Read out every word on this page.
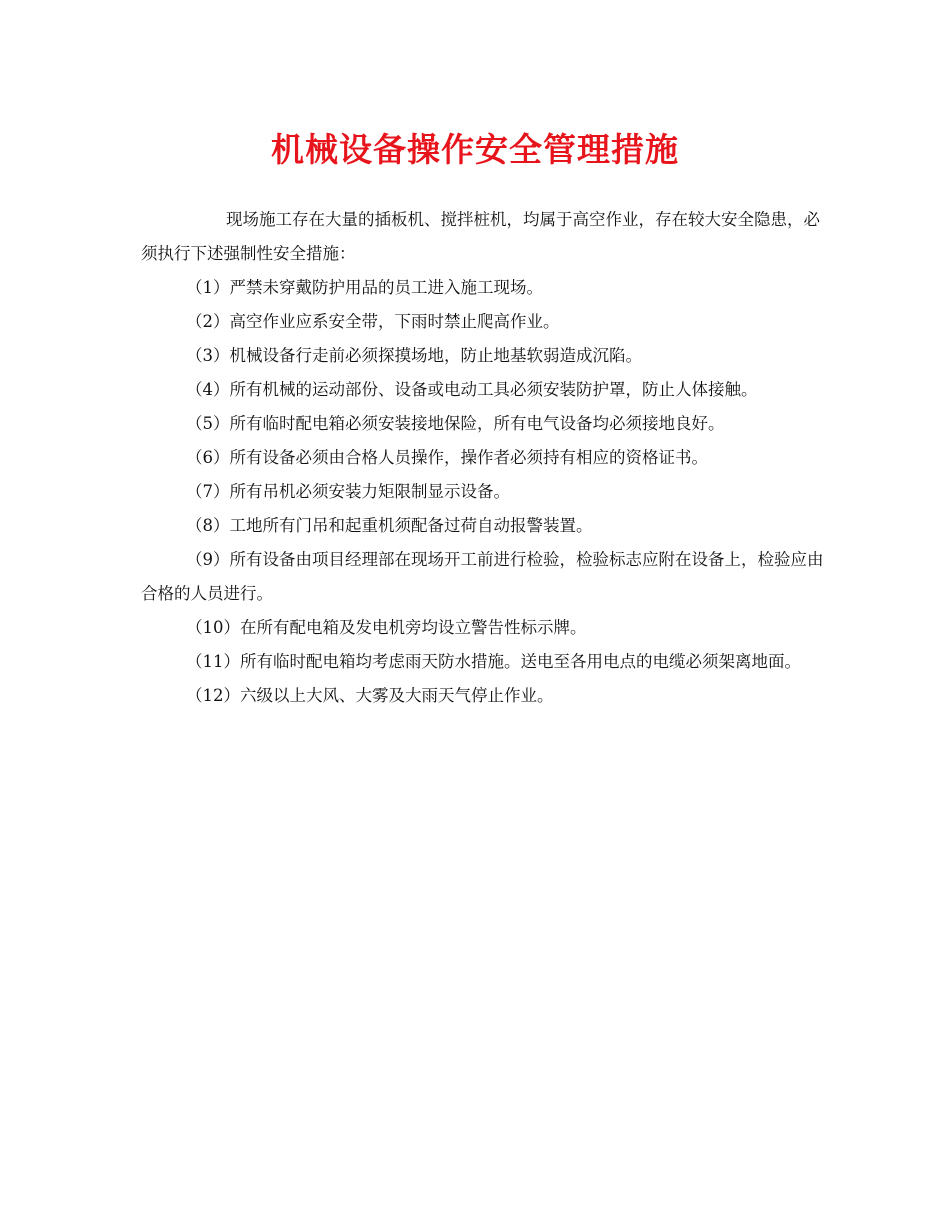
机械设备操作安全管理措施

现场施工存在大量的插板机、搅拌桩机，均属于高空作业，存在较大安全隐患，必须执行下述强制性安全措施：

（1）严禁未穿戴防护用品的员工进入施工现场。

（2）高空作业应系安全带，下雨时禁止爬高作业。

（3）机械设备行走前必须探摸场地，防止地基软弱造成沉陷。

（4）所有机械的运动部份、设备或电动工具必须安装防护罩，防止人体接触。

（5）所有临时配电箱必须安装接地保险，所有电气设备均必须接地良好。

（6）所有设备必须由合格人员操作，操作者必须持有相应的资格证书。

（7）所有吊机必须安装力矩限制显示设备。

（8）工地所有门吊和起重机须配备过荷自动报警装置。

（9）所有设备由项目经理部在现场开工前进行检验，检验标志应附在设备上，检验应由合格的人员进行。

（10）在所有配电箱及发电机旁均设立警告性标示牌。

（11）所有临时配电箱均考虑雨天防水措施。送电至各用电点的电缆必须架离地面。

（12）六级以上大风、大雾及大雨天气停止作业。
